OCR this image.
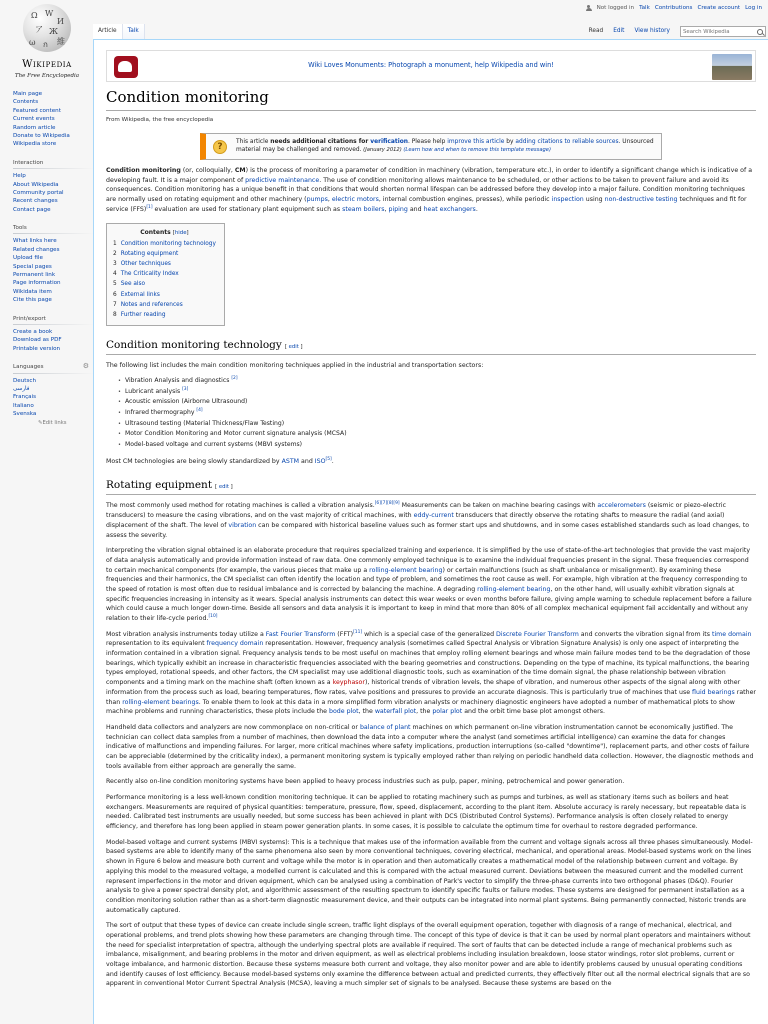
Not logged in Talk Contributions Create account Log in
Ω W
И
ア Ж
ω ก 維
Wikipedia
The Free Encyclopedia
Main page
Contents
Featured content
Current events
Random article
Donate to Wikipedia
Wikipedia store
Interaction
Help
About Wikipedia
Community portal
Recent changes
Contact page
Tools
What links here
Related changes
Upload file
Special pages
Permanent link
Page information
Wikidata item
Cite this page
Print/export
Create a book
Download as PDF
Printable version
Languages	⚙
Deutsch
فارسی
Français
Italiano
Svenska
✎Edit links
Article	Talk	Read	Edit	View history
Search Wikipedia
Wiki Loves Monuments: Photograph a monument, help Wikipedia and win!
Condition monitoring
From Wikipedia, the free encyclopedia
?	This article needs additional citations for verification. Please help improve this article by adding citations to reliable sources. Unsourced material may be challenged and removed. (January 2012) (Learn how and when to remove this template message)

Condition monitoring (or, colloquially, CM) is the process of monitoring a parameter of condition in machinery (vibration, temperature etc.), in order to identify a significant change which is indicative of a developing fault. It is a major component of predictive maintenance. The use of condition monitoring allows maintenance to be scheduled, or other actions to be taken to prevent failure and avoid its consequences. Condition monitoring has a unique benefit in that conditions that would shorten normal lifespan can be addressed before they develop into a major failure. Condition monitoring techniques are normally used on rotating equipment and other machinery (pumps, electric motors, internal combustion engines, presses), while periodic inspection using non-destructive testing techniques and fit for service (FFS)[1] evaluation are used for stationary plant equipment such as steam boilers, piping and heat exchangers.

Contents [hide]
1 Condition monitoring technology
2 Rotating equipment
3 Other techniques
4 The Criticality Index
5 See also
6 External links
7 Notes and references
8 Further reading
Condition monitoring technology [ edit ]

The following list includes the main condition monitoring techniques applied in the industrial and transportation sectors:

• Vibration Analysis and diagnostics [2]
• Lubricant analysis [3]
• Acoustic emission (Airborne Ultrasound)
• Infrared thermography [4]
• Ultrasound testing (Material Thickness/Flaw Testing)
• Motor Condition Monitoring and Motor current signature analysis (MCSA)
• Model-based voltage and current systems (MBVI systems)

Most CM technologies are being slowly standardized by ASTM and ISO[5].

Rotating equipment [ edit ]

The most commonly used method for rotating machines is called a vibration analysis.[6][7][8][9] Measurements can be taken on machine bearing casings with accelerometers (seismic or piezo-electric transducers) to measure the casing vibrations, and on the vast majority of critical machines, with eddy-current transducers that directly observe the rotating shafts to measure the radial (and axial) displacement of the shaft. The level of vibration can be compared with historical baseline values such as former start ups and shutdowns, and in some cases established standards such as load changes, to assess the severity.

Interpreting the vibration signal obtained is an elaborate procedure that requires specialized training and experience. It is simplified by the use of state-of-the-art technologies that provide the vast majority of data analysis automatically and provide information instead of raw data. One commonly employed technique is to examine the individual frequencies present in the signal. These frequencies correspond to certain mechanical components (for example, the various pieces that make up a rolling-element bearing) or certain malfunctions (such as shaft unbalance or misalignment). By examining these frequencies and their harmonics, the CM specialist can often identify the location and type of problem, and sometimes the root cause as well. For example, high vibration at the frequency corresponding to the speed of rotation is most often due to residual imbalance and is corrected by balancing the machine. A degrading rolling-element bearing, on the other hand, will usually exhibit vibration signals at specific frequencies increasing in intensity as it wears. Special analysis instruments can detect this wear weeks or even months before failure, giving ample warning to schedule replacement before a failure which could cause a much longer down-time. Beside all sensors and data analysis it is important to keep in mind that more than 80% of all complex mechanical equipment fail accidentally and without any relation to their life-cycle period.[10]

Most vibration analysis instruments today utilize a Fast Fourier Transform (FFT)[11] which is a special case of the generalized Discrete Fourier Transform and converts the vibration signal from its time domain representation to its equivalent frequency domain representation. However, frequency analysis (sometimes called Spectral Analysis or Vibration Signature Analysis) is only one aspect of interpreting the information contained in a vibration signal. Frequency analysis tends to be most useful on machines that employ rolling element bearings and whose main failure modes tend to be the degradation of those bearings, which typically exhibit an increase in characteristic frequencies associated with the bearing geometries and constructions. Depending on the type of machine, its typical malfunctions, the bearing types employed, rotational speeds, and other factors, the CM specialist may use additional diagnostic tools, such as examination of the time domain signal, the phase relationship between vibration components and a timing mark on the machine shaft (often known as a keyphasor), historical trends of vibration levels, the shape of vibration, and numerous other aspects of the signal along with other information from the process such as load, bearing temperatures, flow rates, valve positions and pressures to provide an accurate diagnosis. This is particularly true of machines that use fluid bearings rather than rolling-element bearings. To enable them to look at this data in a more simplified form vibration analysts or machinery diagnostic engineers have adopted a number of mathematical plots to show machine problems and running characteristics, these plots include the bode plot, the waterfall plot, the polar plot and the orbit time base plot amongst others.

Handheld data collectors and analyzers are now commonplace on non-critical or balance of plant machines on which permanent on-line vibration instrumentation cannot be economically justified. The technician can collect data samples from a number of machines, then download the data into a computer where the analyst (and sometimes artificial intelligence) can examine the data for changes indicative of malfunctions and impending failures. For larger, more critical machines where safety implications, production interruptions (so-called "downtime"), replacement parts, and other costs of failure can be appreciable (determined by the criticality index), a permanent monitoring system is typically employed rather than relying on periodic handheld data collection. However, the diagnostic methods and tools available from either approach are generally the same.

Recently also on-line condition monitoring systems have been applied to heavy process industries such as pulp, paper, mining, petrochemical and power generation.

Performance monitoring is a less well-known condition monitoring technique. It can be applied to rotating machinery such as pumps and turbines, as well as stationary items such as boilers and heat exchangers. Measurements are required of physical quantities: temperature, pressure, flow, speed, displacement, according to the plant item. Absolute accuracy is rarely necessary, but repeatable data is needed. Calibrated test instruments are usually needed, but some success has been achieved in plant with DCS (Distributed Control Systems). Performance analysis is often closely related to energy efficiency, and therefore has long been applied in steam power generation plants. In some cases, it is possible to calculate the optimum time for overhaul to restore degraded performance.

Model-based voltage and current systems (MBVI systems): This is a technique that makes use of the information available from the current and voltage signals across all three phases simultaneously. Model-based systems are able to identify many of the same phenomena also seen by more conventional techniques, covering electrical, mechanical, and operational areas. Model-based systems work on the lines shown in Figure 6 below and measure both current and voltage while the motor is in operation and then automatically creates a mathematical model of the relationship between current and voltage. By applying this model to the measured voltage, a modelled current is calculated and this is compared with the actual measured current. Deviations between the measured current and the modelled current represent imperfections in the motor and driven equipment, which can be analysed using a combination of Park's vector to simplify the three-phase currents into two orthogonal phases (D&Q). Fourier analysis to give a power spectral density plot, and algorithmic assessment of the resulting spectrum to identify specific faults or failure modes. These systems are designed for permanent installation as a condition monitoring solution rather than as a short-term diagnostic measurement device, and their outputs can be integrated into normal plant systems. Being permanently connected, historic trends are automatically captured.

The sort of output that these types of device can create include single screen, traffic light displays of the overall equipment operation, together with diagnosis of a range of mechanical, electrical, and operational problems, and trend plots showing how these parameters are changing through time. The concept of this type of device is that it can be used by normal plant operators and maintainers without the need for specialist interpretation of spectra, although the underlying spectral plots are available if required. The sort of faults that can be detected include a range of mechanical problems such as imbalance, misalignment, and bearing problems in the motor and driven equipment, as well as electrical problems including insulation breakdown, loose stator windings, rotor slot problems, current or voltage imbalance, and harmonic distortion. Because these systems measure both current and voltage, they also monitor power and are able to identify problems caused by unusual operating conditions and identify causes of lost efficiency. Because model-based systems only examine the difference between actual and predicted currents, they effectively filter out all the normal electrical signals that are so apparent in conventional Motor Current Spectral Analysis (MCSA), leaving a much simpler set of signals to be analysed. Because these systems are based on the
